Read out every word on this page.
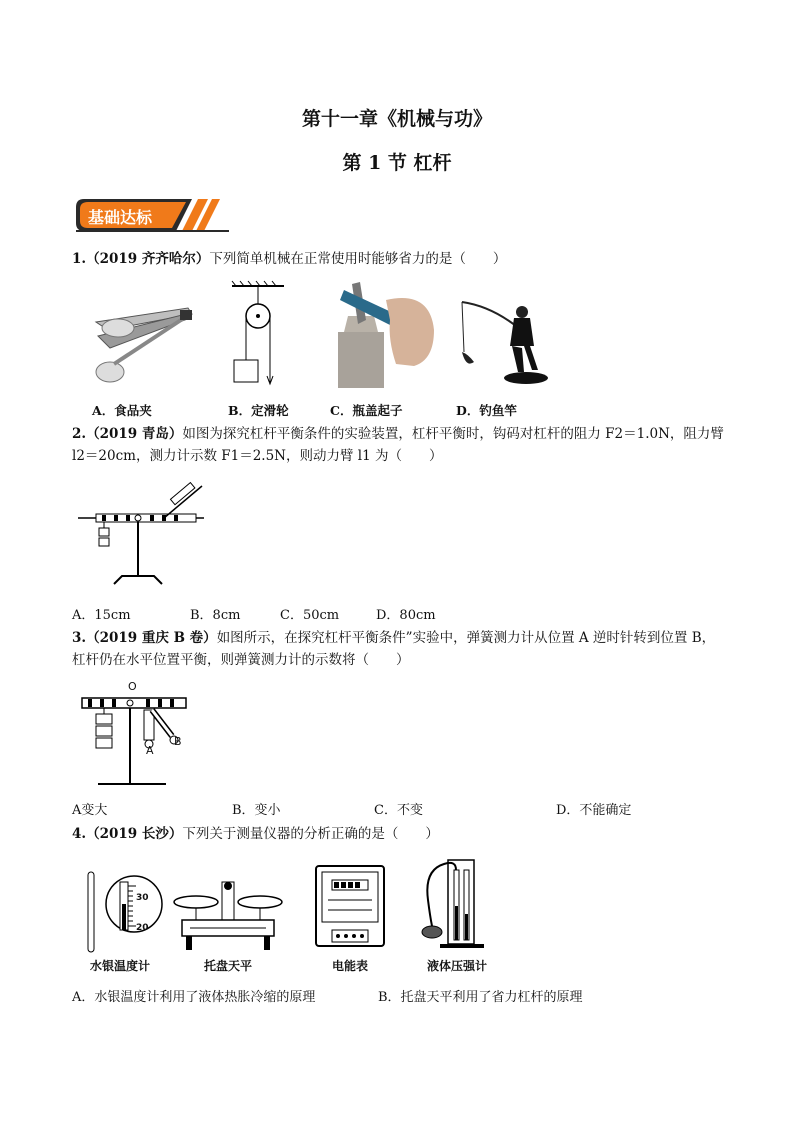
第十一章《机械与功》
第 1 节 杠杆
基础达标
1.（2019 齐齐哈尔）下列简单机械在正常使用时能够省力的是（　　）
A．食品夹	B．定滑轮	C．瓶盖起子	D．钓鱼竿
2.（2019 青岛）如图为探究杠杆平衡条件的实验装置，杠杆平衡时，钩码对杠杆的阻力 F2＝1.0N，阻力臂
l2＝20cm，测力计示数 F1＝2.5N，则动力臂 l1 为（　　）
A．15cm	B．8cm	C．50cm	D．80cm
3.（2019 重庆 B 卷）如图所示，在探究杠杆平衡条件”实验中，弹簧测力计从位置 A 逆时针转到位置 B，
杠杆仍在水平位置平衡，则弹簧测力计的示数将（　　）
O
A
B
A变大	B．变小	C．不变	D．不能确定
4.（2019 长沙）下列关于测量仪器的分析正确的是（　　）
30
20
水银温度计	托盘天平	电能表	液体压强计
A．水银温度计利用了液体热胀冷缩的原理	B．托盘天平利用了省力杠杆的原理
